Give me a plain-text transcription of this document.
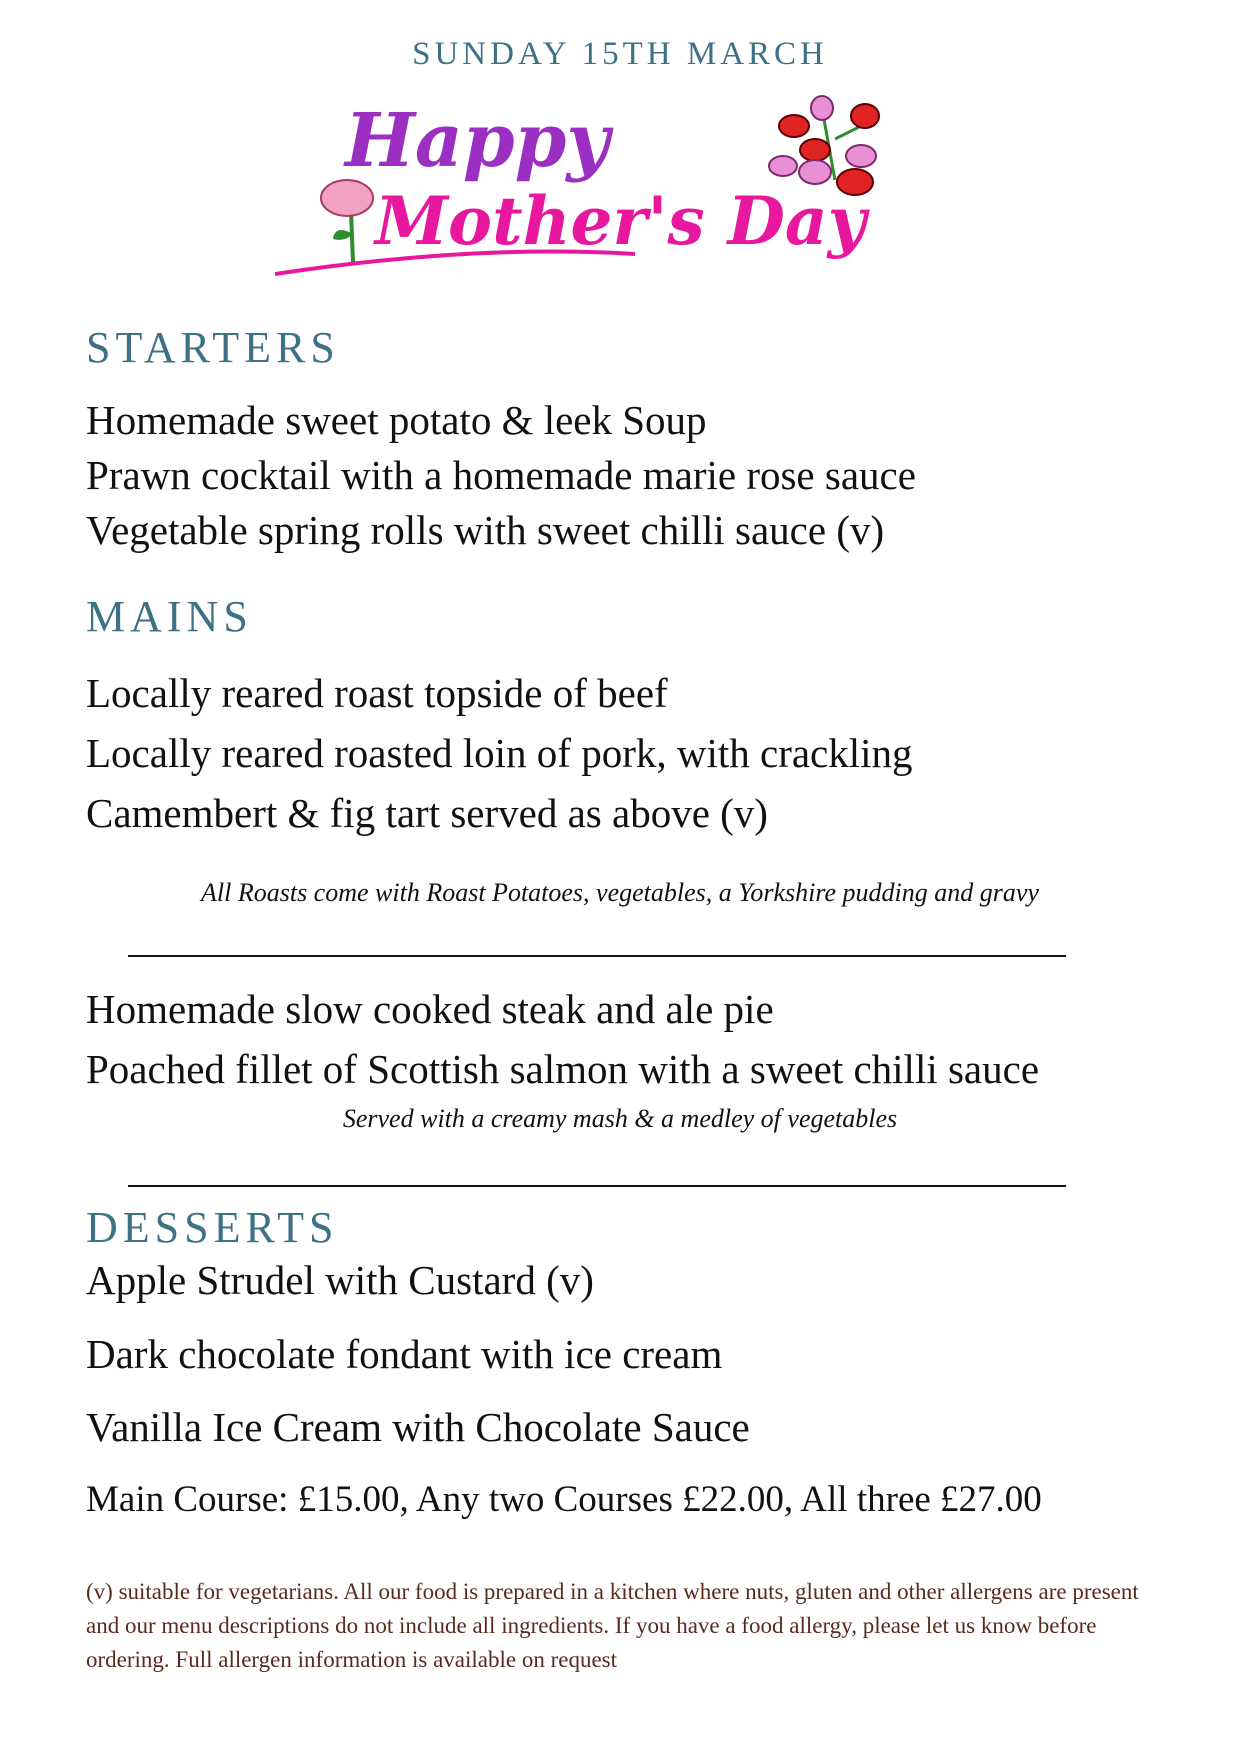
SUNDAY 15TH MARCH
Happy
Mother's Day
STARTERS
Homemade sweet potato & leek Soup
Prawn cocktail with a homemade marie rose sauce
Vegetable spring rolls with sweet chilli sauce (v)
MAINS
Locally reared roast topside of beef
Locally reared roasted loin of pork, with crackling
Camembert & fig tart served as above (v)
All Roasts come with Roast Potatoes, vegetables, a Yorkshire pudding and gravy
Homemade slow cooked steak and ale pie
Poached fillet of Scottish salmon with a sweet chilli sauce
Served with a creamy mash & a medley of vegetables
DESSERTS
Apple Strudel with Custard (v)
Dark chocolate fondant with ice cream
Vanilla Ice Cream with Chocolate Sauce
Main Course: £15.00, Any two Courses £22.00, All three £27.00
(v) suitable for vegetarians. All our food is prepared in a kitchen where nuts, gluten and other allergens are present and our menu descriptions do not include all ingredients. If you have a food allergy, please let us know before ordering. Full allergen information is available on request
